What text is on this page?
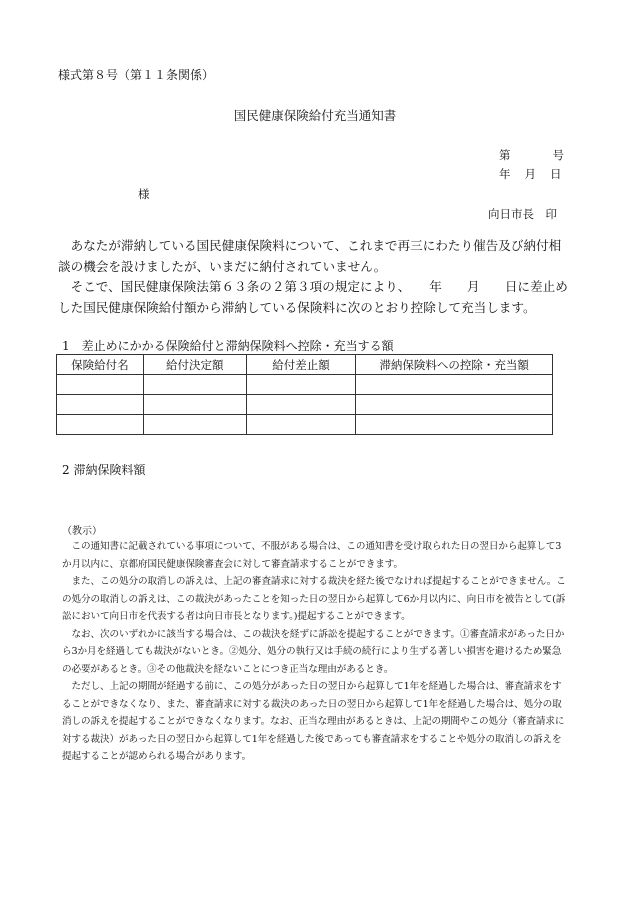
様式第８号（第１１条関係）
国民健康保険給付充当通知書
第	号
年 月 日
様
向日市長　印

　あなたが滞納している国民健康保険料について、これまで再三にわたり催告及び納付相談の機会を設けましたが、いまだに納付されていません。

　そこで、国民健康保険法第６３条の２第３項の規定により、　　年　　月　　日に差止めした国民健康保険給付額から滞納している保険料に次のとおり控除して充当します。

1　差止めにかかる保険給付と滞納保険料へ控除・充当する額
保険給付名	給付決定額	給付差止額	滞納保険料への控除・充当額

2 滞納保険料額
（教示）

　この通知書に記載されている事項について、不服がある場合は、この通知書を受け取られた日の翌日から起算して3か月以内に、京都府国民健康保険審査会に対して審査請求することができます。

　また、この処分の取消しの訴えは、上記の審査請求に対する裁決を経た後でなければ提起することができません。この処分の取消しの訴えは、この裁決があったことを知った日の翌日から起算して6か月以内に、向日市を被告として(訴訟において向日市を代表する者は向日市長となります。)提起することができます。

　なお、次のいずれかに該当する場合は、この裁決を経ずに訴訟を提起することができます。①審査請求があった日から3か月を経過しても裁決がないとき。②処分、処分の執行又は手続の続行により生ずる著しい損害を避けるため緊急の必要があるとき。③その他裁決を経ないことにつき正当な理由があるとき。

　ただし、上記の期間が経過する前に、この処分があった日の翌日から起算して1年を経過した場合は、審査請求をすることができなくなり、また、審査請求に対する裁決のあった日の翌日から起算して1年を経過した場合は、処分の取消しの訴えを提起することができなくなります。なお、正当な理由があるときは、上記の期間やこの処分（審査請求に対する裁決）があった日の翌日から起算して1年を経過した後であっても審査請求をすることや処分の取消しの訴えを提起することが認められる場合があります。
